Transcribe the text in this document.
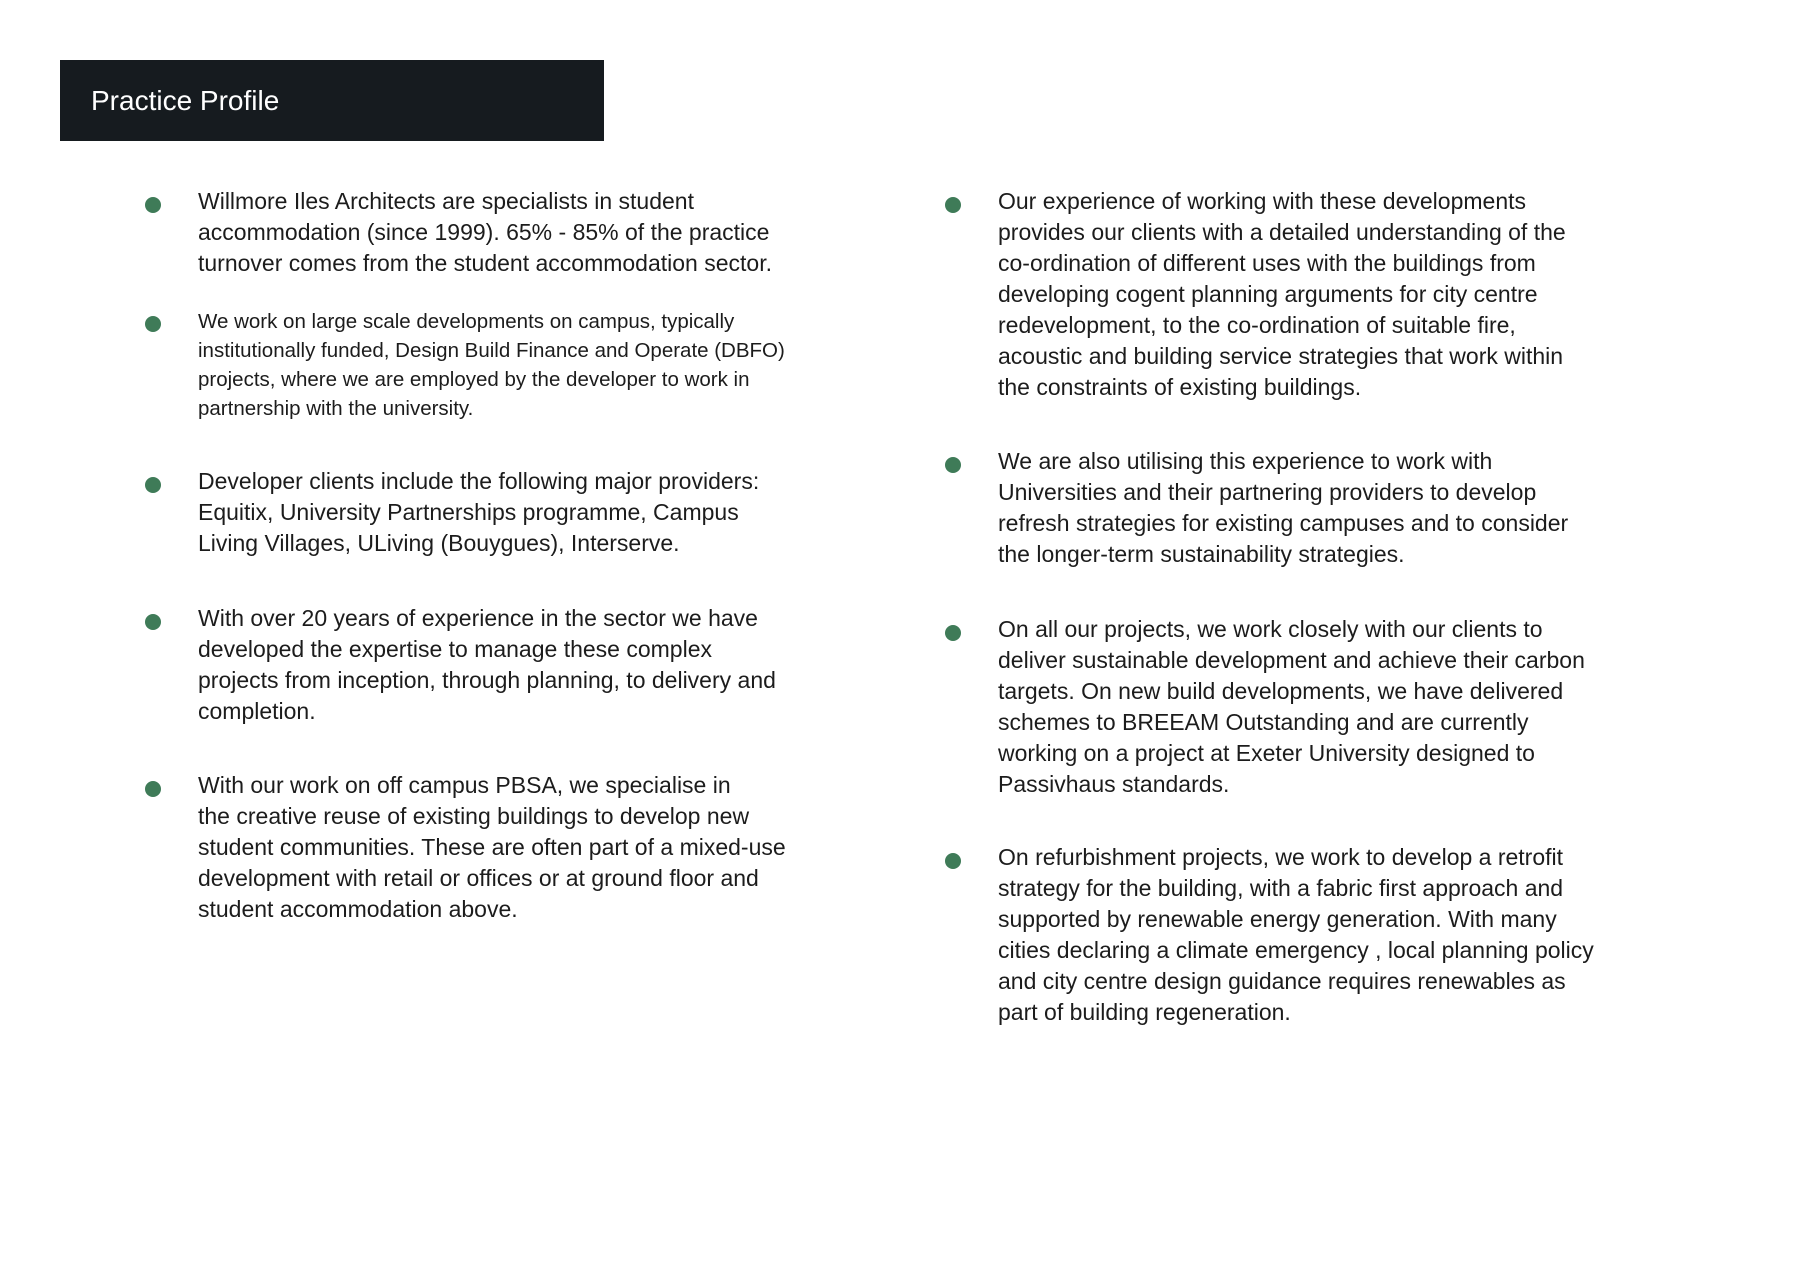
Practice Profile
Willmore Iles Architects are specialists in student
accommodation (since 1999). 65% - 85% of the practice
turnover comes from the student accommodation sector.
We work on large scale developments on campus, typically
institutionally funded, Design Build Finance and Operate (DBFO)
projects, where we are employed by the developer to work in
partnership with the university.
Developer clients include the following major providers:
Equitix, University Partnerships programme, Campus
Living Villages, ULiving (Bouygues), Interserve.
With over 20 years of experience in the sector we have
developed the expertise to manage these complex
projects from inception, through planning, to delivery and
completion.
With our work on off campus PBSA, we specialise in
the creative reuse of existing buildings to develop new
student communities. These are often part of a mixed-use
development with retail or offices or at ground floor and
student accommodation above.
Our experience of working with these developments
provides our clients with a detailed understanding of the
co-ordination of different uses with the buildings from
developing cogent planning arguments for city centre
redevelopment, to the co-ordination of suitable fire,
acoustic and building service strategies that work within
the constraints of existing buildings.
We are also utilising this experience to work with
Universities and their partnering providers to develop
refresh strategies for existing campuses and to consider
the longer-term sustainability strategies.
On all our projects, we work closely with our clients to
deliver sustainable development and achieve their carbon
targets. On new build developments, we have delivered
schemes to BREEAM Outstanding and are currently
working on a project at Exeter University designed to
Passivhaus standards.
On refurbishment projects, we work to develop a retrofit
strategy for the building, with a fabric first approach and
supported by renewable energy generation. With many
cities declaring a climate emergency , local planning policy
and city centre design guidance requires renewables as
part of building regeneration.
